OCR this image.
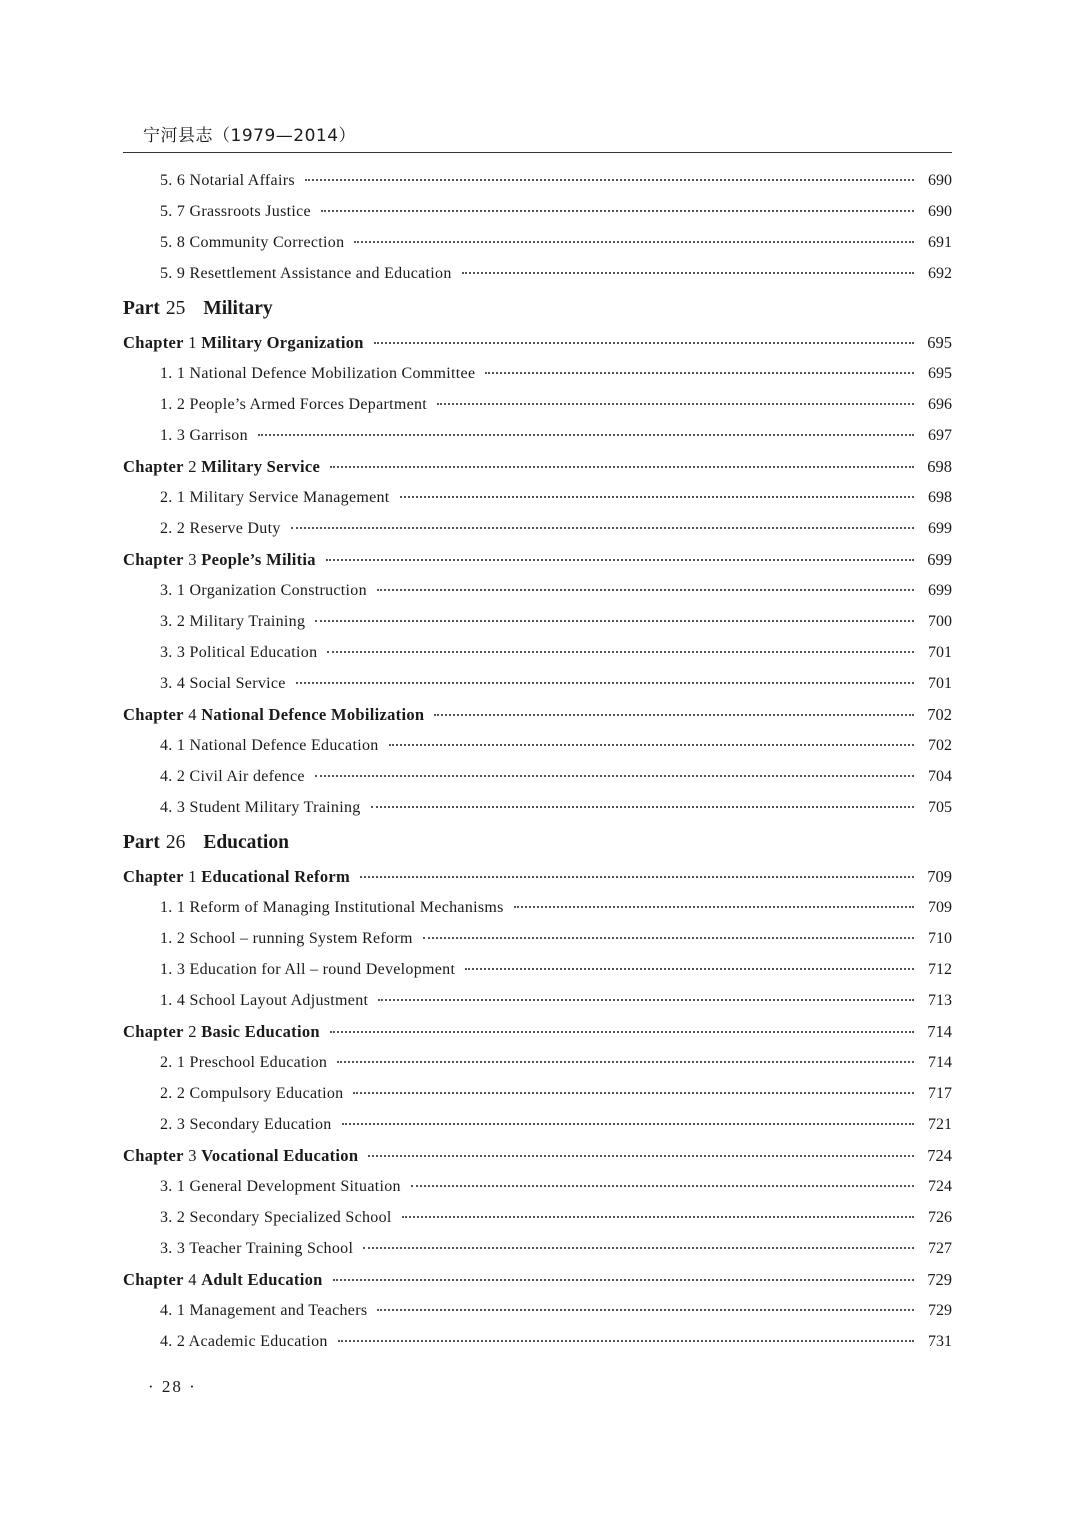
宁河县志（1979—2014）
5. 6 Notarial Affairs	690
5. 7 Grassroots Justice	690
5. 8 Community Correction	691
5. 9 Resettlement Assistance and Education	692
Part 25 Military
Chapter 1 Military Organization	695
1. 1 National Defence Mobilization Committee	695
1. 2 People’s Armed Forces Department	696
1. 3 Garrison	697
Chapter 2 Military Service	698
2. 1 Military Service Management	698
2. 2 Reserve Duty	699
Chapter 3 People’s Militia	699
3. 1 Organization Construction	699
3. 2 Military Training	700
3. 3 Political Education	701
3. 4 Social Service	701
Chapter 4 National Defence Mobilization	702
4. 1 National Defence Education	702
4. 2 Civil Air defence	704
4. 3 Student Military Training	705
Part 26 Education
Chapter 1 Educational Reform	709
1. 1 Reform of Managing Institutional Mechanisms	709
1. 2 School – running System Reform	710
1. 3 Education for All – round Development	712
1. 4 School Layout Adjustment	713
Chapter 2 Basic Education	714
2. 1 Preschool Education	714
2. 2 Compulsory Education	717
2. 3 Secondary Education	721
Chapter 3 Vocational Education	724
3. 1 General Development Situation	724
3. 2 Secondary Specialized School	726
3. 3 Teacher Training School	727
Chapter 4 Adult Education	729
4. 1 Management and Teachers	729
4. 2 Academic Education	731
· 28 ·
